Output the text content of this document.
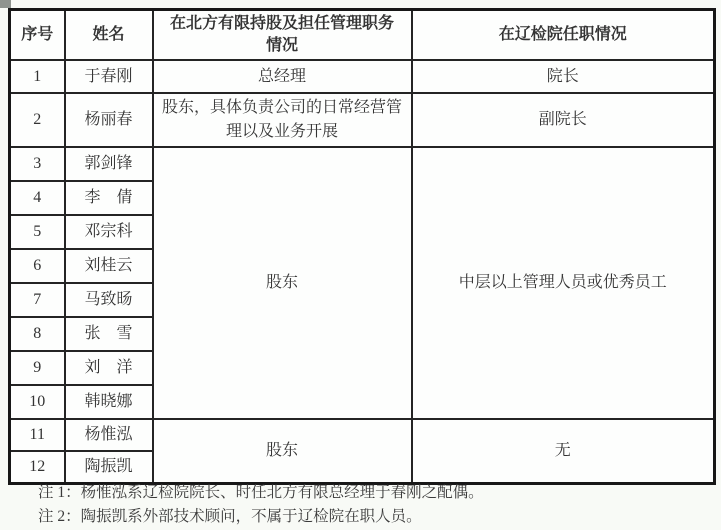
序号	姓名	在北方有限持股及担任管理职务情况	在辽检院任职情况
1	于春刚	总经理	院长
2	杨丽春	股东，具体负责公司的日常经营管理以及业务开展	副院长
3	郭剑锋	股东	中层以上管理人员或优秀员工
4	李　倩		
5	邓宗科		
6	刘桂云		
7	马致旸		
8	张　雪		
9	刘　洋		
10	韩晓娜		
11	杨惟泓	股东	无
12	陶振凯		
注 1：杨惟泓系辽检院院长、时任北方有限总经理于春刚之配偶。
注 2：陶振凯系外部技术顾问，不属于辽检院在职人员。
